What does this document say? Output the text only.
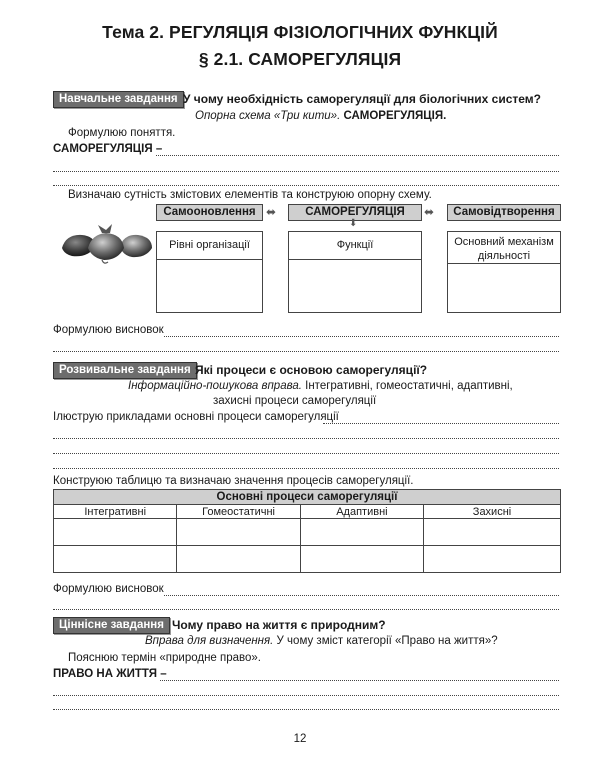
Тема 2. РЕГУЛЯЦІЯ ФІЗІОЛОГІЧНИХ ФУНКЦІЙ
§ 2.1. САМОРЕГУЛЯЦІЯ
Навчальне завдання У чому необхідність саморегуляції для біологічних систем?
Опорна схема «Три кити». САМОРЕГУЛЯЦІЯ.
Формулюю поняття.
САМОРЕГУЛЯЦІЯ –
Визначаю сутність змістових елементів та конструюю опорну схему.
Самооновлення ⬌	САМОРЕГУЛЯЦІЯ	⬌	Самовідтворення
⬇
Рівні організації	Функції	Основний механізм діяльності
Формулюю висновок
Розвивальне завдання Які процеси є основою саморегуляції?
Інформаційно-пошукова вправа. Інтегративні, гомеостатичні, адаптивні,
захисні процеси саморегуляції
Ілюструю прикладами основні процеси саморегуляції
Конструюю таблицю та визначаю значення процесів саморегуляції.
Основні процеси саморегуляції			
Інтегративні	Гомеостатичні	Адаптивні	Захисні

Формулюю висновок
Ціннісне завдання Чому право на життя є природним?
Вправа для визначення. У чому зміст категорії «Право на життя»?
Пояснюю термін «природне право».
ПРАВО НА ЖИТТЯ –
12
